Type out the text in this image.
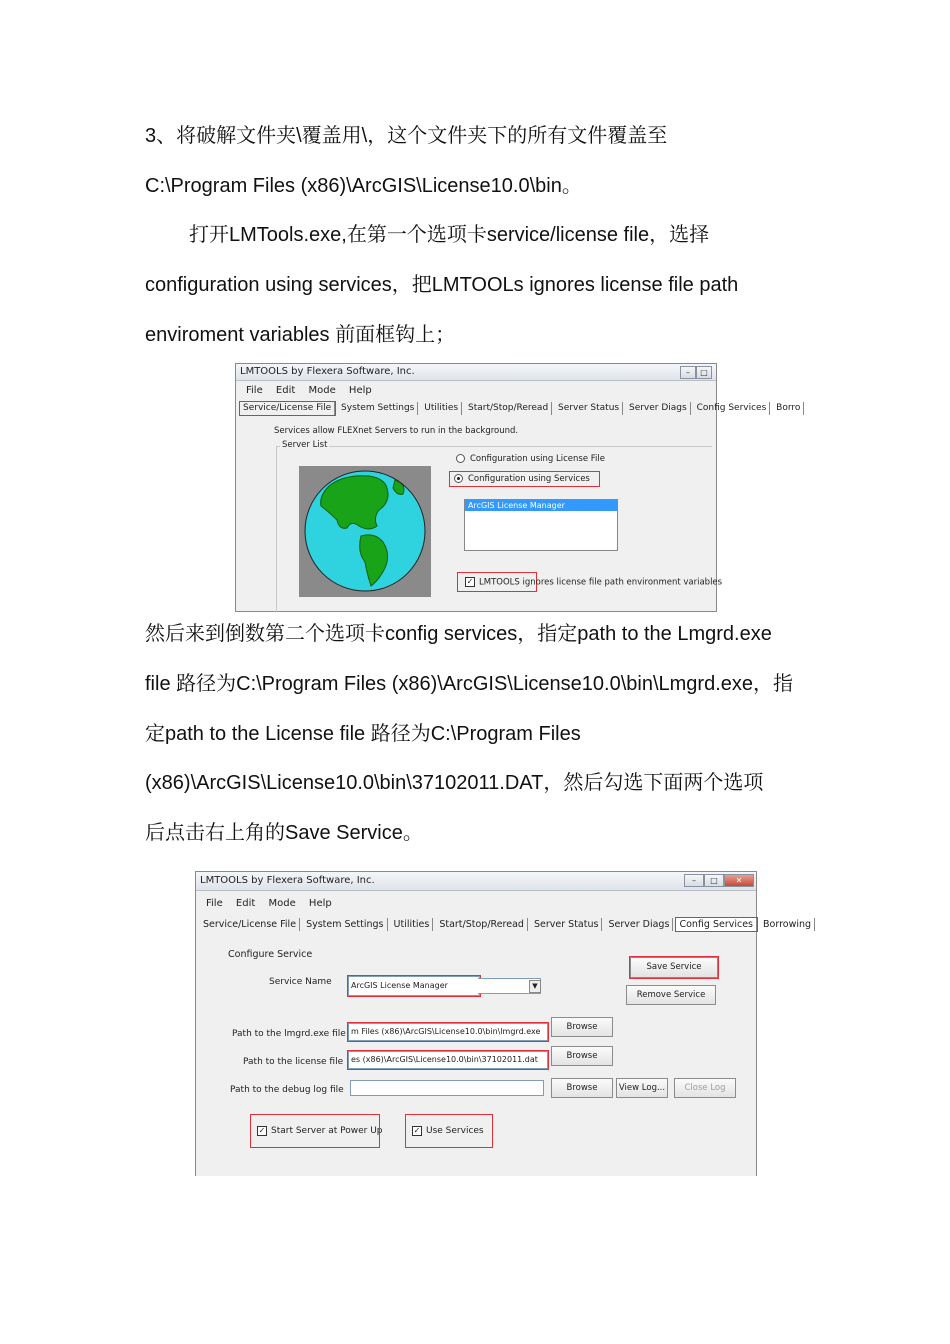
3、将破解文件夹\覆盖用\，这个文件夹下的所有文件覆盖至
C:\Program Files (x86)\ArcGIS\License10.0\bin。
打开LMTools.exe,在第一个选项卡service/license file，选择
configuration using services，把LMTOOLs ignores license file path
enviroment variables 前面框钩上；
LMTOOLS by Flexera Software, Inc.	–	□
File Edit Mode Help
Service/License File System Settings Utilities Start/Stop/Reread Server Status Server Diags Config Services Borro
Services allow FLEXnet Servers to run in the background.
Server List
Configuration using License File
Configuration using Services
ArcGIS License Manager
✓ LMTOOLS ignores license file path environment variables
然后来到倒数第二个选项卡config services，指定path to the Lmgrd.exe
file 路径为C:\Program Files (x86)\ArcGIS\License10.0\bin\Lmgrd.exe，指
定path to the License file 路径为C:\Program Files
(x86)\ArcGIS\License10.0\bin\37102011.DAT，然后勾选下面两个选项
后点击右上角的Save Service。
LMTOOLS by Flexera Software, Inc.	–	□	✕
File Edit Mode Help
Service/License File System Settings Utilities Start/Stop/Reread Server Status Server Diags Config Services Borrowing
Configure Service
Service Name	ArcGIS License Manager	▼
Save Service
Remove Service
Path to the lmgrd.exe file m Files (x86)\ArcGIS\License10.0\bin\lmgrd.exe	Browse
Path to the license file es (x86)\ArcGIS\License10.0\bin\37102011.dat	Browse
Path to the debug log file	Browse	View Log...	Close Log
✓ Start Server at Power Up	✓ Use Services
